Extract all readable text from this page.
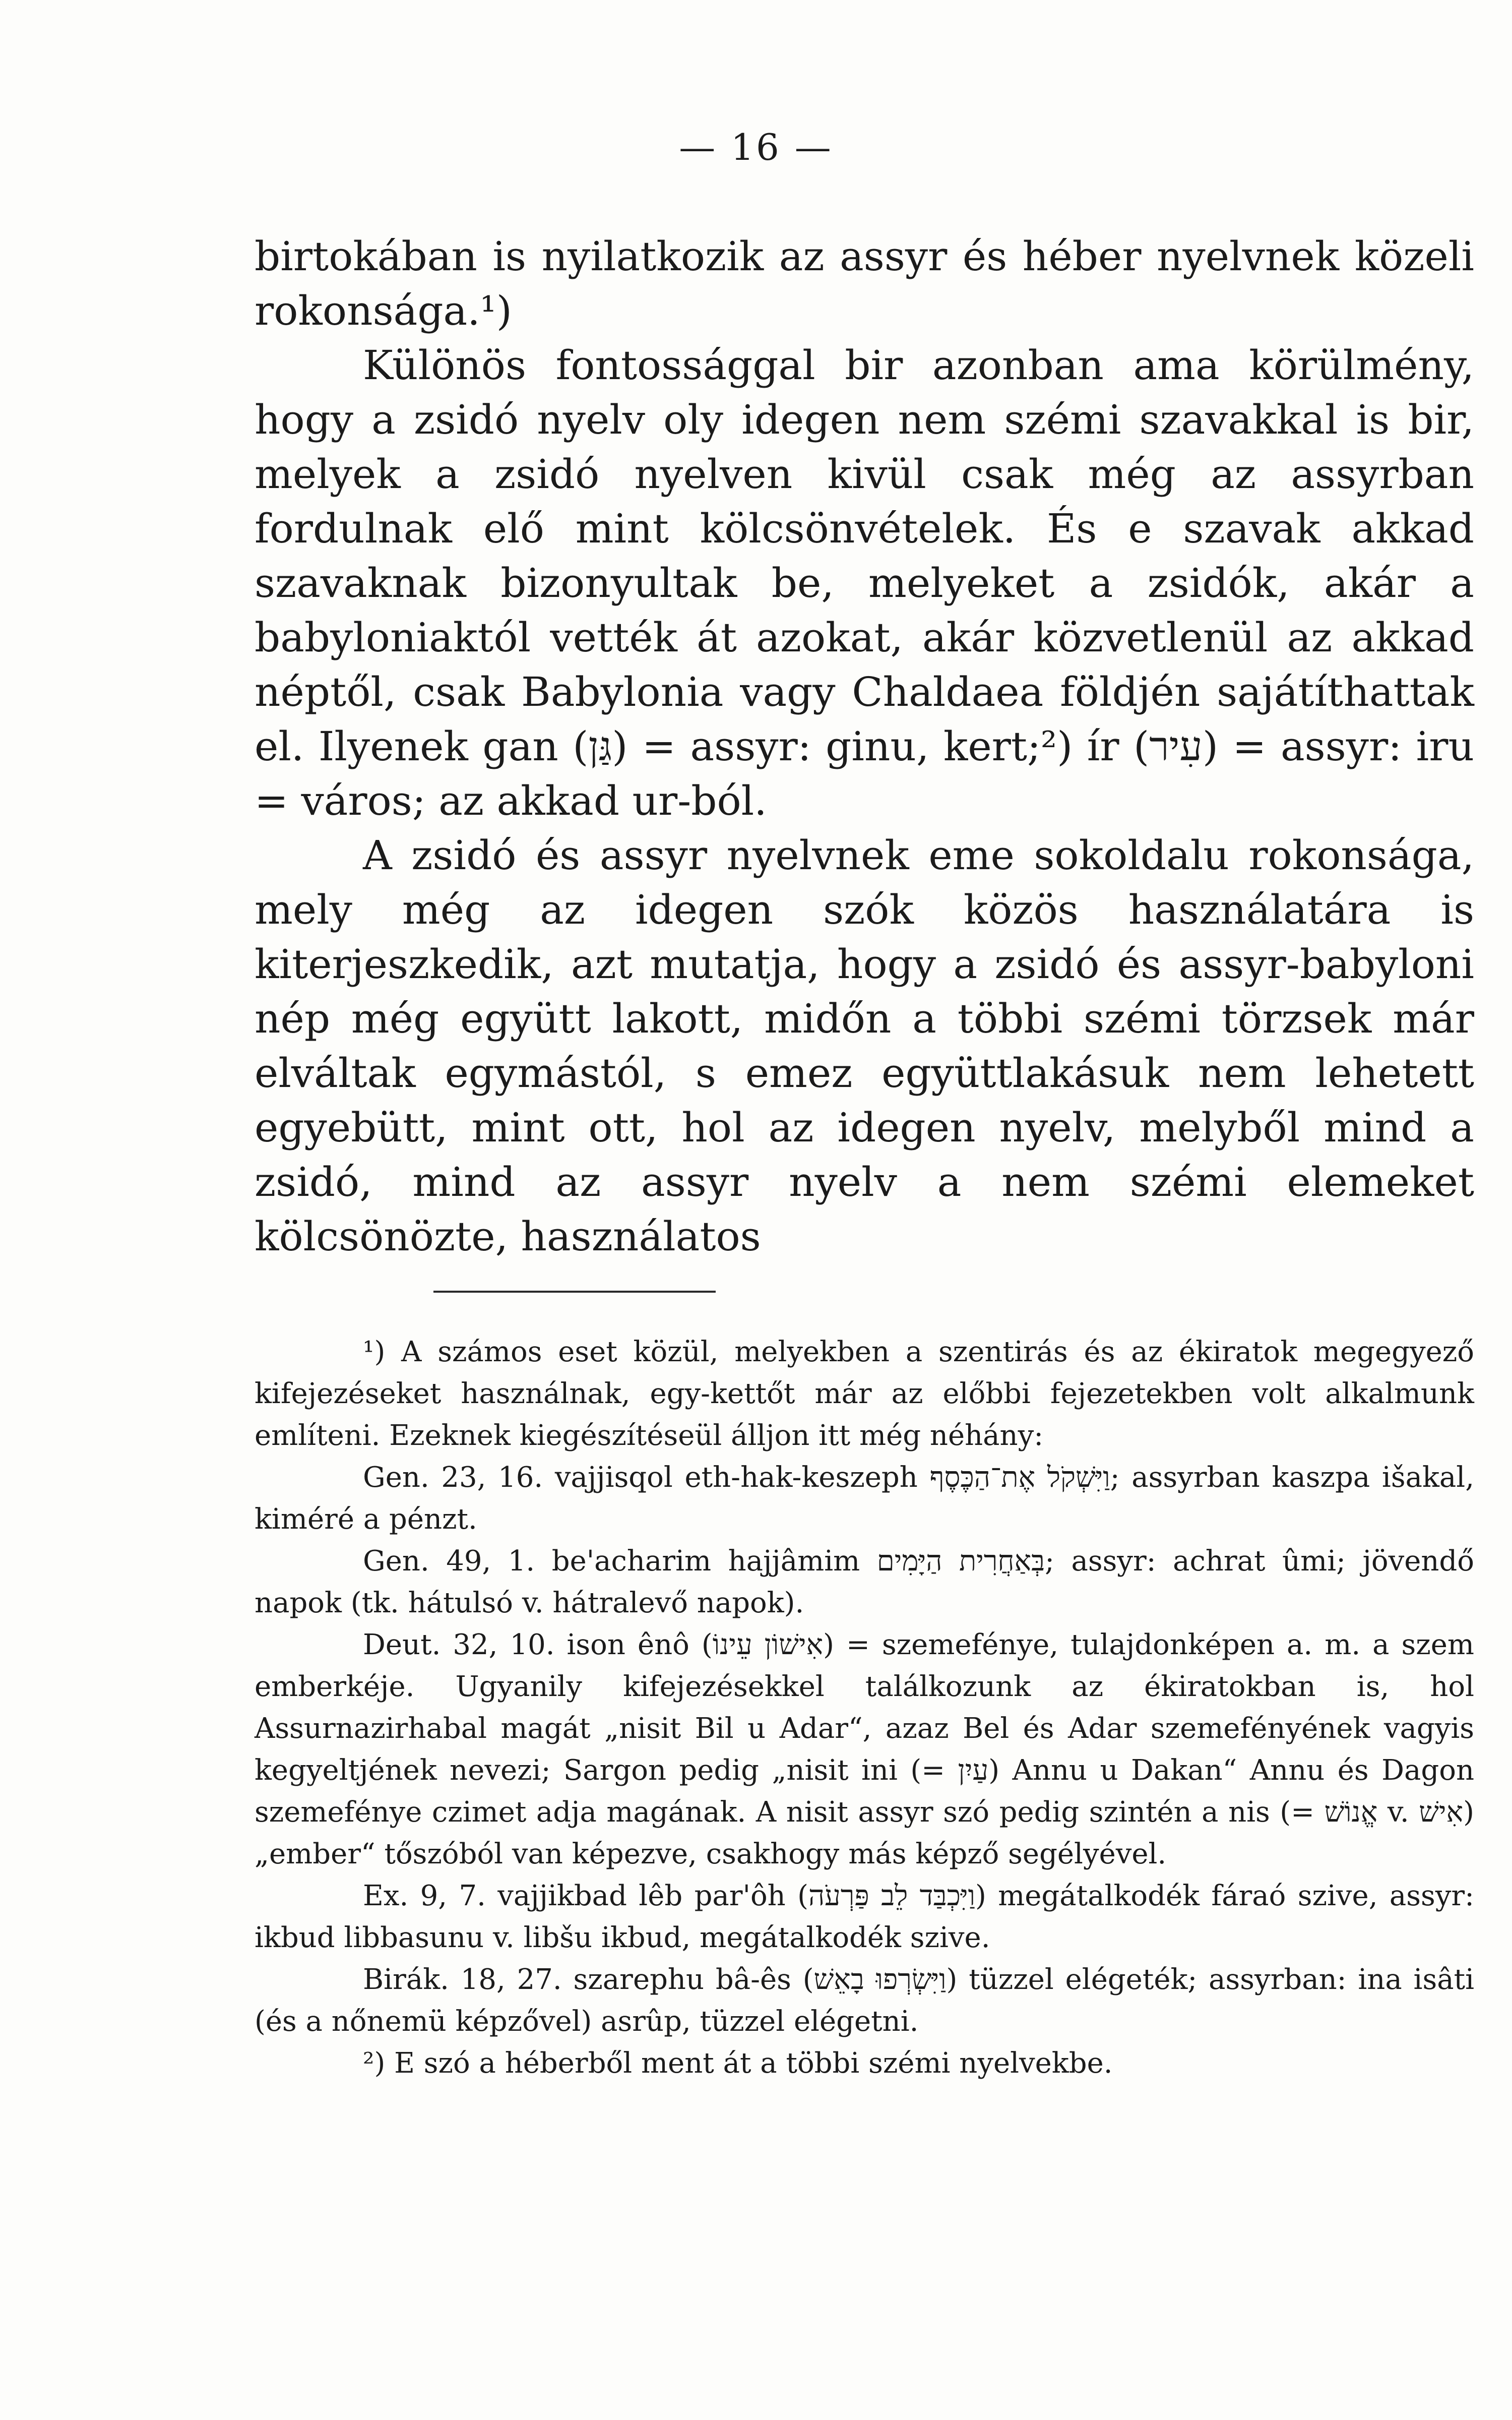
— 16 —

birtokában is nyilatkozik az assyr és héber nyelvnek közeli rokonsága.¹)

Különös fontossággal bir azonban ama körülmény, hogy a zsidó nyelv oly idegen nem szémi szavakkal is bir, melyek a zsidó nyelven kivül csak még az assyrban fordulnak elő mint kölcsönvételek. És e szavak akkad szavaknak bizonyultak be, melyeket a zsidók, akár a babyloniaktól vették át azokat, akár közvetlenül az akkad néptől, csak Babylonia vagy Chaldaea földjén sajátíthattak el. Ilyenek gan (גַּן) = assyr: ginu, kert;²) ír (עִיר) = assyr: iru = város; az akkad ur-ból.

A zsidó és assyr nyelvnek eme sokoldalu rokonsága, mely még az idegen szók közös használatára is kiterjeszkedik, azt mutatja, hogy a zsidó és assyr-babyloni nép még együtt lakott, midőn a többi szémi törzsek már elváltak egymástól, s emez együttlakásuk nem lehetett egyebütt, mint ott, hol az idegen nyelv, melyből mind a zsidó, mind az assyr nyelv a nem szémi elemeket kölcsönözte, használatos

¹) A számos eset közül, melyekben a szentirás és az ékiratok megegyező kifejezéseket használnak, egy-kettőt már az előbbi fejezetekben volt alkalmunk említeni. Ezeknek kiegészítéseül álljon itt még néhány:

Gen. 23, 16. vajjisqol eth-hak-keszeph וַיִּשְׁקֹל אֶת־הַכֶּסֶף; assyrban kaszpa išakal, kiméré a pénzt.

Gen. 49, 1. be'acharim hajjâmim בְּאַחֲרִית הַיָּמִים; assyr: achrat ûmi; jövendő napok (tk. hátulsó v. hátralevő napok).

Deut. 32, 10. ison ênô (אִישׁוֹן עֵינוֹ) = szemefénye, tulajdonképen a. m. a szem emberkéje. Ugyanily kifejezésekkel találkozunk az ékiratokban is, hol Assurnazirhabal magát „nisit Bil u Adar“, azaz Bel és Adar szemefényének vagyis kegyeltjének nevezi; Sargon pedig „nisit ini (= עַיִן) Annu u Dakan“ Annu és Dagon szemefénye czimet adja magának. A nisit assyr szó pedig szintén a nis (= אֱנוֹשׁ v. אִישׁ) „ember“ tőszóból van képezve, csakhogy más képző segélyével.

Ex. 9, 7. vajjikbad lêb par'ôh (וַיִּכְבַּד לֵב פַּרְעֹה) megátalkodék fáraó szive, assyr: ikbud libbasunu v. libšu ikbud, megátalkodék szive.

Birák. 18, 27. szarephu bâ-ês (וַיִּשְׂרְפוּ בָאֵשׁ) tüzzel elégeték; assyrban: ina isâti (és a nőnemü képzővel) asrûp, tüzzel elégetni.

²) E szó a héberből ment át a többi szémi nyelvekbe.
